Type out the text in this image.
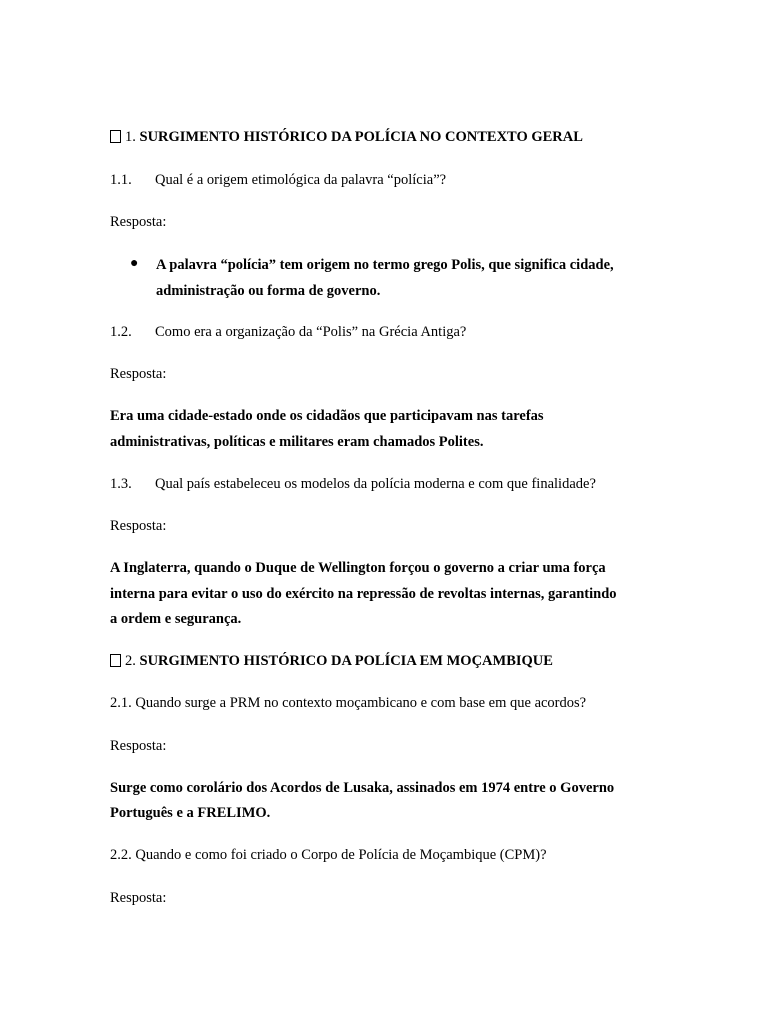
1. SURGIMENTO HISTÓRICO DA POLÍCIA NO CONTEXTO GERAL
1.1. Qual é a origem etimológica da palavra “polícia”?
Resposta:
● A palavra “polícia” tem origem no termo grego Polis, que significa cidade,
administração ou forma de governo.
1.2. Como era a organização da “Polis” na Grécia Antiga?
Resposta:
Era uma cidade-estado onde os cidadãos que participavam nas tarefas
administrativas, políticas e militares eram chamados Polites.
1.3. Qual país estabeleceu os modelos da polícia moderna e com que finalidade?
Resposta:
A Inglaterra, quando o Duque de Wellington forçou o governo a criar uma força
interna para evitar o uso do exército na repressão de revoltas internas, garantindo
a ordem e segurança.
2. SURGIMENTO HISTÓRICO DA POLÍCIA EM MOÇAMBIQUE
2.1. Quando surge a PRM no contexto moçambicano e com base em que acordos?
Resposta:
Surge como corolário dos Acordos de Lusaka, assinados em 1974 entre o Governo
Português e a FRELIMO.
2.2. Quando e como foi criado o Corpo de Polícia de Moçambique (CPM)?
Resposta:
